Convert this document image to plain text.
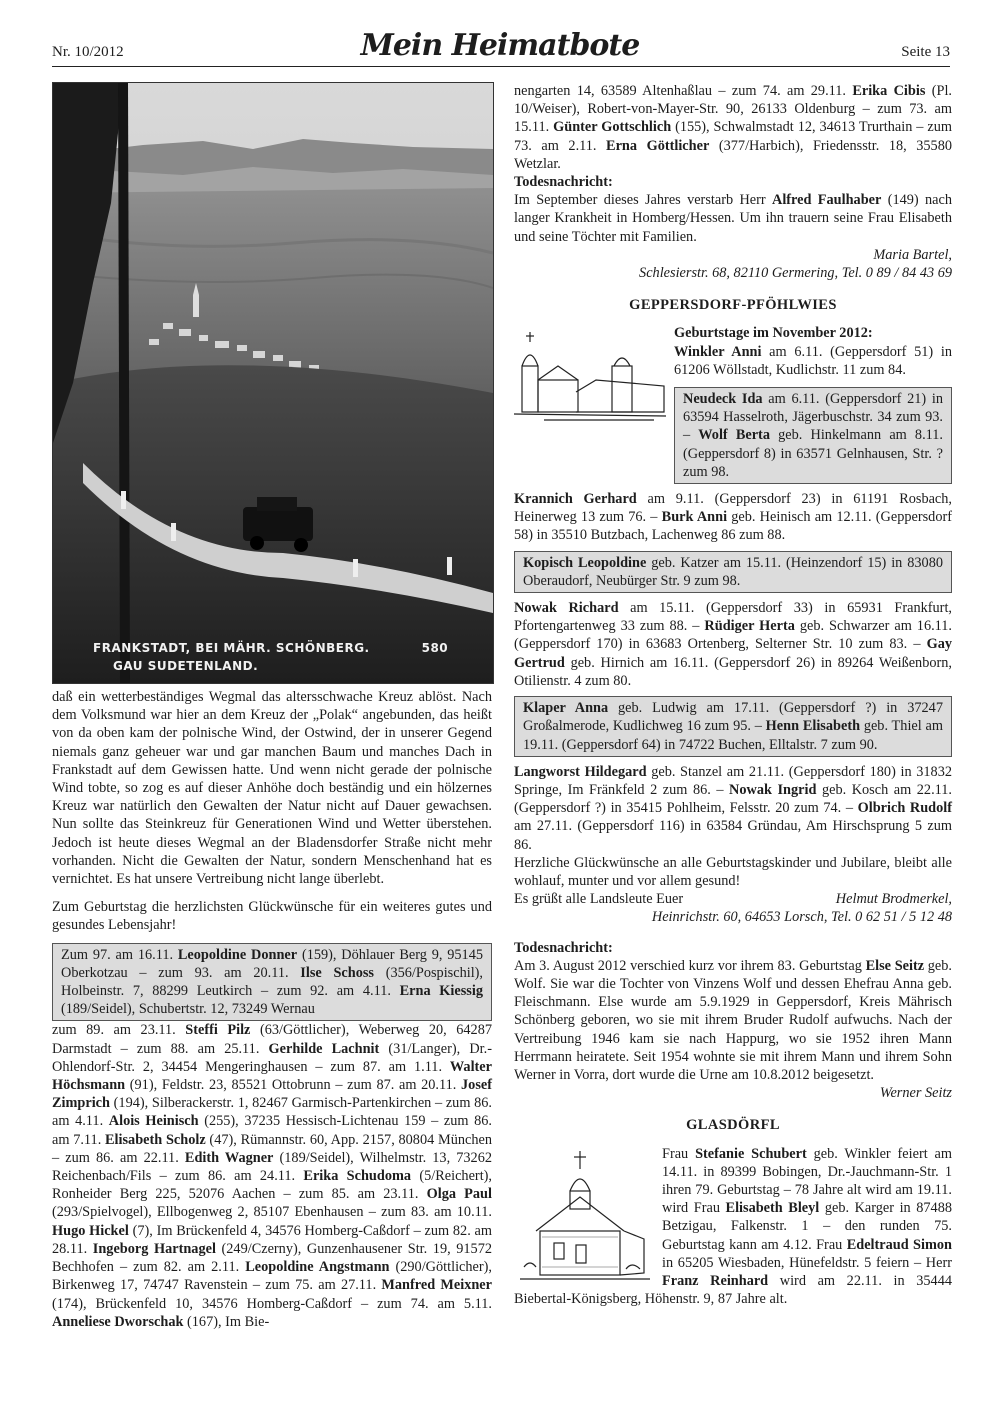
Nr. 10/2012	Mein Heimatbote	Seite 13
FRANKSTADT, BEI MÄHR. SCHÖNBERG.	580
GAU SUDETENLAND.

daß ein wetterbeständiges Wegmal das altersschwache Kreuz ablöst. Nach dem Volksmund war hier an dem Kreuz der „Polak“ angebunden, das heißt von da oben kam der polnische Wind, der Ostwind, der in unserer Gegend niemals ganz geheuer war und gar manchen Baum und manches Dach in Frankstadt auf dem Gewissen hatte. Und wenn nicht gerade der polnische Wind tobte, so zog es auf dieser Anhöhe doch beständig und ein hölzernes Kreuz war natürlich den Gewalten der Natur nicht auf Dauer gewachsen. Nun sollte das Steinkreuz für Generationen Wind und Wetter überstehen. Jedoch ist heute dieses Wegmal an der Bladensdorfer Straße nicht mehr vorhanden. Nicht die Gewalten der Natur, sondern Menschenhand hat es vernichtet. Es hat unsere Vertreibung nicht lange überlebt.

Zum Geburtstag die herzlichsten Glückwünsche für ein weiteres gutes und gesundes Lebensjahr!

Zum 97. am 16.11. Leopoldine Donner (159), Döhlauer Berg 9, 95145 Oberkotzau – zum 93. am 20.11. Ilse Schoss (356/Pospischil), Holbeinstr. 7, 88299 Leutkirch – zum 92. am 4.11. Erna Kiessig (189/Seidel), Schubertstr. 12, 73249 Wernau

zum 89. am 23.11. Steffi Pilz (63/Göttlicher), Weberweg 20, 64287 Darmstadt – zum 88. am 25.11. Gerhilde Lachnit (31/Langer), Dr.-Ohlendorf-Str. 2, 34454 Mengeringhausen – zum 87. am 1.11. Walter Höchsmann (91), Feldstr. 23, 85521 Ottobrunn – zum 87. am 20.11. Josef Zimprich (194), Silberackerstr. 1, 82467 Garmisch-Partenkirchen – zum 86. am 4.11. Alois Heinisch (255), 37235 Hessisch-Lichtenau 159 – zum 86. am 7.11. Elisabeth Scholz (47), Rümannstr. 60, App. 2157, 80804 München – zum 86. am 22.11. Edith Wagner (189/Seidel), Wilhelmstr. 13, 73262 Reichenbach/Fils – zum 86. am 24.11. Erika Schudoma (5/Reichert), Ronheider Berg 225, 52076 Aachen – zum 85. am 23.11. Olga Paul (293/Spielvogel), Ellbogenweg 2, 85107 Ebenhausen – zum 83. am 10.11. Hugo Hickel (7), Im Brückenfeld 4, 34576 Homberg-Caßdorf – zum 82. am 28.11. Ingeborg Hartnagel (249/Czerny), Gunzenhausener Str. 19, 91572 Bechhofen – zum 82. am 2.11. Leopoldine Angstmann (290/Göttlicher), Birkenweg 17, 74747 Ravenstein – zum 75. am 27.11. Manfred Meixner (174), Brückenfeld 10, 34576 Homberg-Caßdorf – zum 74. am 5.11. Anneliese Dworschak (167), Im Bie-

nengarten 14, 63589 Altenhaßlau – zum 74. am 29.11. Erika Cibis (Pl. 10/Weiser), Robert-von-Mayer-Str. 90, 26133 Oldenburg – zum 73. am 15.11. Günter Gottschlich (155), Schwalmstadt 12, 34613 Trurthain – zum 73. am 2.11. Erna Göttlicher (377/Harbich), Friedensstr. 18, 35580 Wetzlar.

Todesnachricht:

Im September dieses Jahres verstarb Herr Alfred Faulhaber (149) nach langer Krankheit in Homberg/Hessen. Um ihn trauern seine Frau Elisabeth und seine Töchter mit Familien.

Maria Bartel,

Schlesierstr. 68, 82110 Germering, Tel. 0 89 / 84 43 69

GEPPERSDORF-PFÖHLWIES

Geburtstage im November 2012:

Winkler Anni am 6.11. (Geppersdorf 51) in 61206 Wöllstadt, Kudlichstr. 11 zum 84.

Neudeck Ida am 6.11. (Geppersdorf 21) in 63594 Hasselroth, Jägerbuschstr. 34 zum 93. – Wolf Berta geb. Hinkelmann am 8.11. (Geppersdorf 8) in 63571 Gelnhausen, Str. ? zum 98.

Krannich Gerhard am 9.11. (Geppersdorf 23) in 61191 Rosbach, Heinerweg 13 zum 76. – Burk Anni geb. Heinisch am 12.11. (Geppersdorf 58) in 35510 Butzbach, Lachenweg 86 zum 88.

Kopisch Leopoldine geb. Katzer am 15.11. (Heinzendorf 15) in 83080 Oberaudorf, Neubürger Str. 9 zum 98.

Nowak Richard am 15.11. (Geppersdorf 33) in 65931 Frankfurt, Pfortengartenweg 33 zum 88. – Rüdiger Herta geb. Schwarzer am 16.11. (Geppersdorf 170) in 63683 Ortenberg, Selterner Str. 10 zum 83. – Gay Gertrud geb. Hirnich am 16.11. (Geppersdorf 26) in 89264 Weißenborn, Otilienstr. 4 zum 80.

Klaper Anna geb. Ludwig am 17.11. (Geppersdorf ?) in 37247 Großalmerode, Kudlichweg 16 zum 95. – Henn Elisabeth geb. Thiel am 19.11. (Geppersdorf 64) in 74722 Buchen, Elltalstr. 7 zum 90.

Langworst Hildegard geb. Stanzel am 21.11. (Geppersdorf 180) in 31832 Springe, Im Fränkfeld 2 zum 86. – Nowak Ingrid geb. Kosch am 22.11. (Geppersdorf ?) in 35415 Pohlheim, Felsstr. 20 zum 74. – Olbrich Rudolf am 27.11. (Geppersdorf 116) in 63584 Gründau, Am Hirschsprung 5 zum 86.

Herzliche Glückwünsche an alle Geburtstagskinder und Jubilare, bleibt alle wohlauf, munter und vor allem gesund!

Es grüßt alle Landsleute Euer	Helmut Brodmerkel,

Heinrichstr. 60, 64653 Lorsch, Tel. 0 62 51 / 5 12 48

Todesnachricht:

Am 3. August 2012 verschied kurz vor ihrem 83. Geburtstag Else Seitz geb. Wolf. Sie war die Tochter von Vinzens Wolf und dessen Ehefrau Anna geb. Fleischmann. Else wurde am 5.9.1929 in Geppersdorf, Kreis Mährisch Schönberg geboren, wo sie mit ihrem Bruder Rudolf aufwuchs. Nach der Vertreibung 1946 kam sie nach Happurg, wo sie 1952 ihren Mann Herrmann heiratete. Seit 1954 wohnte sie mit ihrem Mann und ihrem Sohn Werner in Vorra, dort wurde die Urne am 10.8.2012 beigesetzt.

Werner Seitz

GLASDÖRFL

Frau Stefanie Schubert geb. Winkler feiert am 14.11. in 89399 Bobingen, Dr.-Jauchmann-Str. 1 ihren 79. Geburtstag – 78 Jahre alt wird am 19.11. wird Frau Elisabeth Bleyl geb. Karger in 87488 Betzigau, Falkenstr. 1 – den runden 75. Geburtstag kann am 4.12. Frau Edeltraud Simon in 65205 Wiesbaden, Hünefeldstr. 5 feiern – Herr Franz Reinhard wird am 22.11. in 35444 Biebertal-Königsberg, Höhenstr. 9, 87 Jahre alt.
